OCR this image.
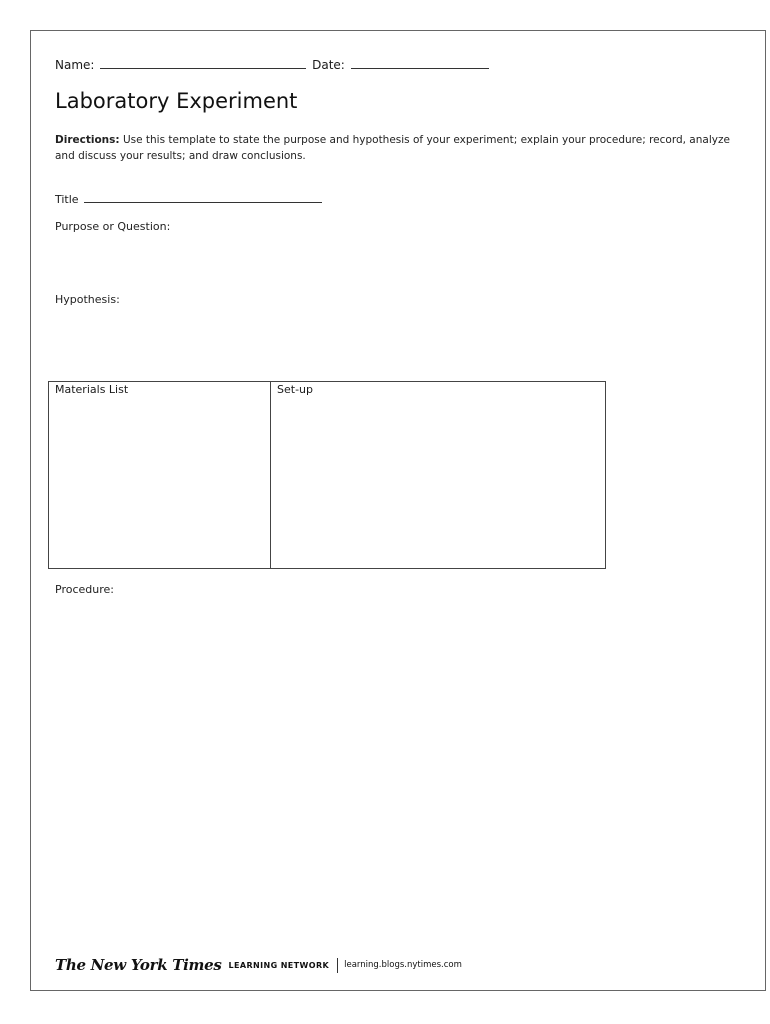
Name:	Date:
Laboratory Experiment
Directions: Use this template to state the purpose and hypothesis of your experiment; explain your procedure; record, analyze and discuss your results; and draw conclusions.
Title
Purpose or Question:
Hypothesis:
Materials List	Set-up
Procedure:
The New York Times LEARNING NETWORK learning.blogs.nytimes.com
